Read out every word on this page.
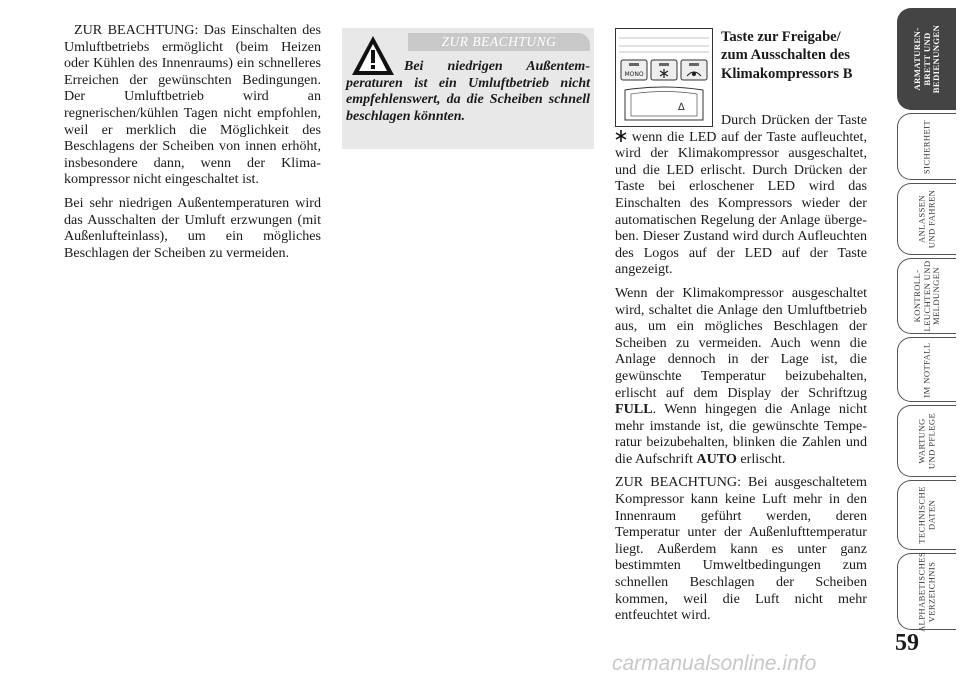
ZUR BEACHTUNG: Das Einschalten des Umluftbetriebs ermöglicht (beim Heizen oder Kühlen des Innenraums) ein schnelleres Erreichen der gewünschten Bedingungen. Der Umluftbetrieb wird an regnerischen/kühlen Tagen nicht empfohlen, weil er merklich die Möglichkeit des Beschlagens der Scheiben von innen erhöht, insbesondere dann, wenn der Klimakompressor nicht eingeschaltet ist.

Bei sehr niedrigen Außentemperaturen wird das Ausschalten der Umluft erzwungen (mit Außenlufteinlass), um ein mögliches Beschlagen der Scheiben zu vermeiden.

ZUR BEACHTUNG
Bei niedrigen Außentemperaturen ist ein Umluftbetrieb nicht empfehlenswert, da die Scheiben schnell beschlagen könnten.
MONO
∆
Taste zur Freigabe/ zum Ausschalten des Klimakompressors B

Durch Drücken der Taste wenn die LED auf der Taste aufleuchtet, wird der Klimakompressor ausgeschaltet, und die LED erlischt. Durch Drücken der Taste bei erloschener LED wird das Einschalten des Kompressors wieder der automatischen Regelung der Anlage übergeben. Dieser Zustand wird durch Aufleuchten des Logos auf der LED auf der Taste angezeigt.

Wenn der Klimakompressor ausgeschaltet wird, schaltet die Anlage den Umluftbetrieb aus, um ein mögliches Beschlagen der Scheiben zu vermeiden. Auch wenn die Anlage dennoch in der Lage ist, die gewünschte Temperatur beizubehalten, erlischt auf dem Display der Schriftzug FULL. Wenn hingegen die Anlage nicht mehr imstande ist, die gewünschte Temperatur beizubehalten, blinken die Zahlen und die Aufschrift AUTO erlischt.

ZUR BEACHTUNG: Bei ausgeschaltetem Kompressor kann keine Luft mehr in den Innenraum geführt werden, deren Temperatur unter der Außenlufttemperatur liegt. Außerdem kann es unter ganz bestimmten Umweltbedingungen zum schnellen Beschlagen der Scheiben kommen, weil die Luft nicht mehr entfeuchtet wird.

ARMATUREN-
BRETT UND
BEDIENUNGEN
SICHERHEIT
ANLASSEN
UND FAHREN
KONTROLL-
LEUCHTEN UND
MELDUNGEN
IM NOTFALL
WARTUNG
UND PFLEGE
TECHNISCHE
DATEN
ALPHABETISCHES
VERZEICHNIS
59
carmanualsonline.info
